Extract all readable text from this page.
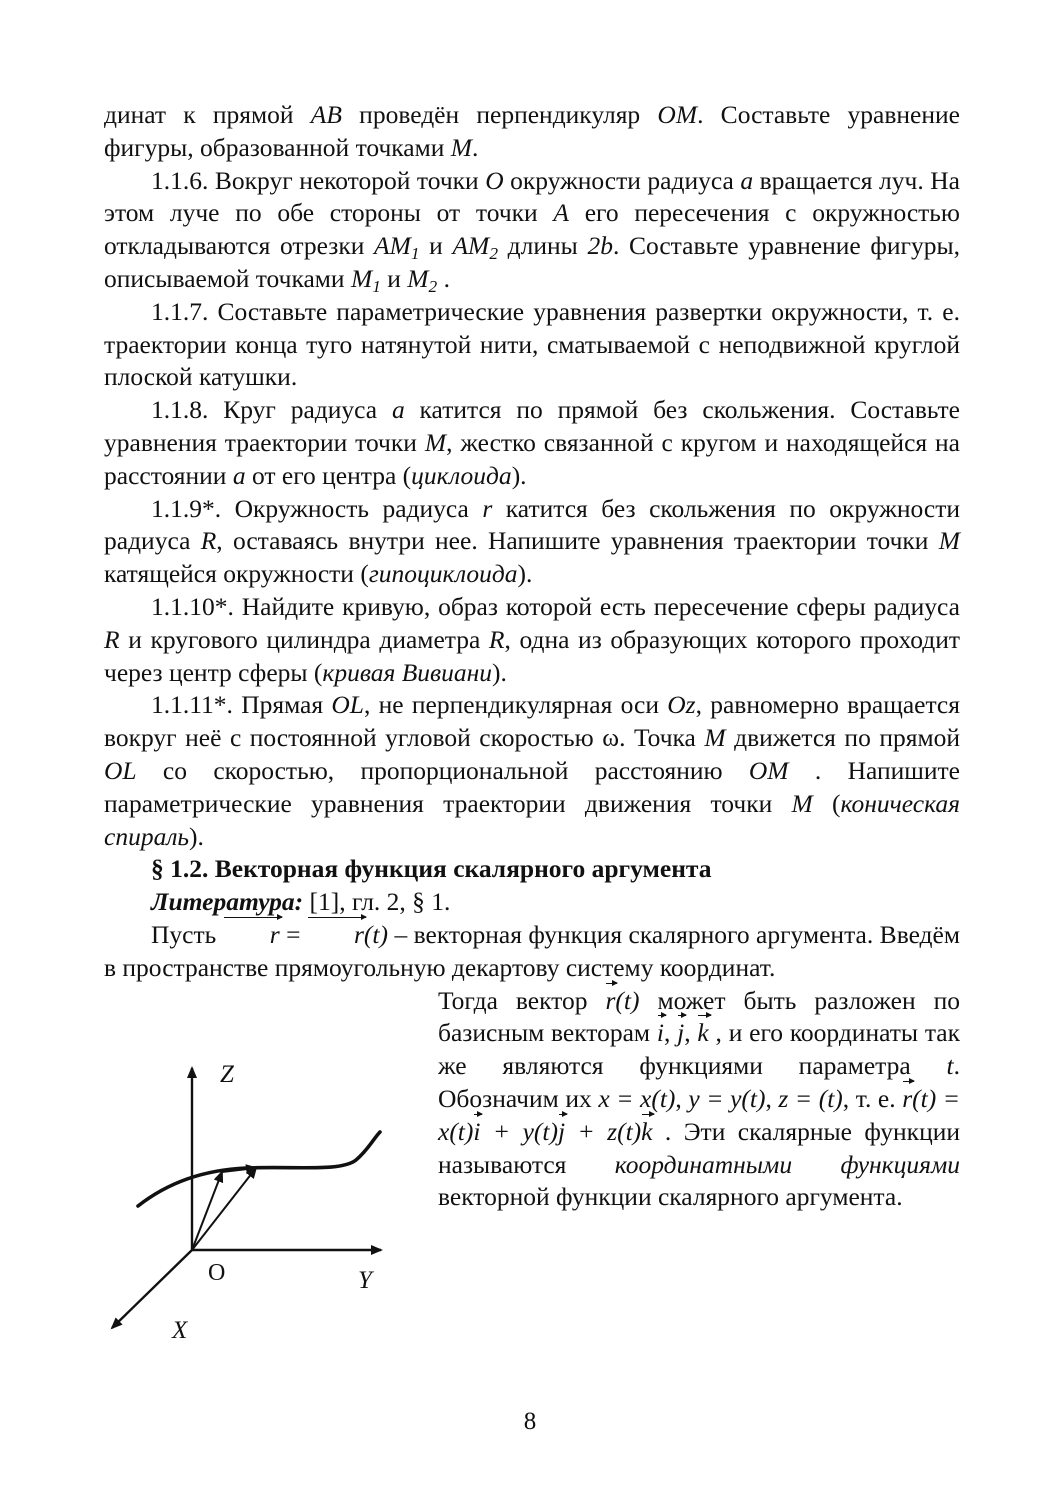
динат к прямой AB проведён перпендикуляр OM. Составьте уравнение фигуры, образованной точками M.

1.1.6. Вокруг некоторой точки O окружности радиуса a вращается луч. На этом луче по обе стороны от точки A его пересечения с окружностью откладываются отрезки $AM_1$ и $AM_2$ длины 2b. Составьте уравнение фигуры, описываемой точками $M_1$ и $M_2$ .

1.1.7. Составьте параметрические уравнения развертки окружности, т. е. траектории конца туго натянутой нити, сматываемой с неподвижной круглой плоской катушки.

1.1.8. Круг радиуса a катится по прямой без скольжения. Составьте уравнения траектории точки M, жестко связанной с кругом и находящейся на расстоянии a от его центра (циклоида).

1.1.9*. Окружность радиуса r катится без скольжения по окружности радиуса R, оставаясь внутри нее. Напишите уравнения траектории точки M катящейся окружности (гипоциклоида).

1.1.10*. Найдите кривую, образ которой есть пересечение сферы радиуса R и кругового цилиндра диаметра R, одна из образующих которого проходит через центр сферы (кривая Вивиани).

1.1.11*. Прямая OL, не перпендикулярная оси Oz, равномерно вращается вокруг неё с постоянной угловой скоростью ω. Точка M движется по прямой OL со скоростью, пропорциональной расстоянию OM . Напишите параметрические уравнения траектории движения точки M (коническая спираль).

§ 1.2. Векторная функция скалярного аргумента

Литература: [1], гл. 2, § 1.

Пусть r = r(t) – векторная функция скалярного аргумента. Введём в пространстве прямоугольную декартову систему координат.

Тогда вектор r(t) может быть разложен по базисным векторам i, j, k , и его координаты так же являются функциями параметра t. Обозначим их x = x(t), y = y(t), z = (t), т. е. r(t) = x(t)i + y(t)j + z(t)k . Эти скалярные функции называются координатными функциями векторной функции скалярного аргумента.

Z
Y
X
O
8
